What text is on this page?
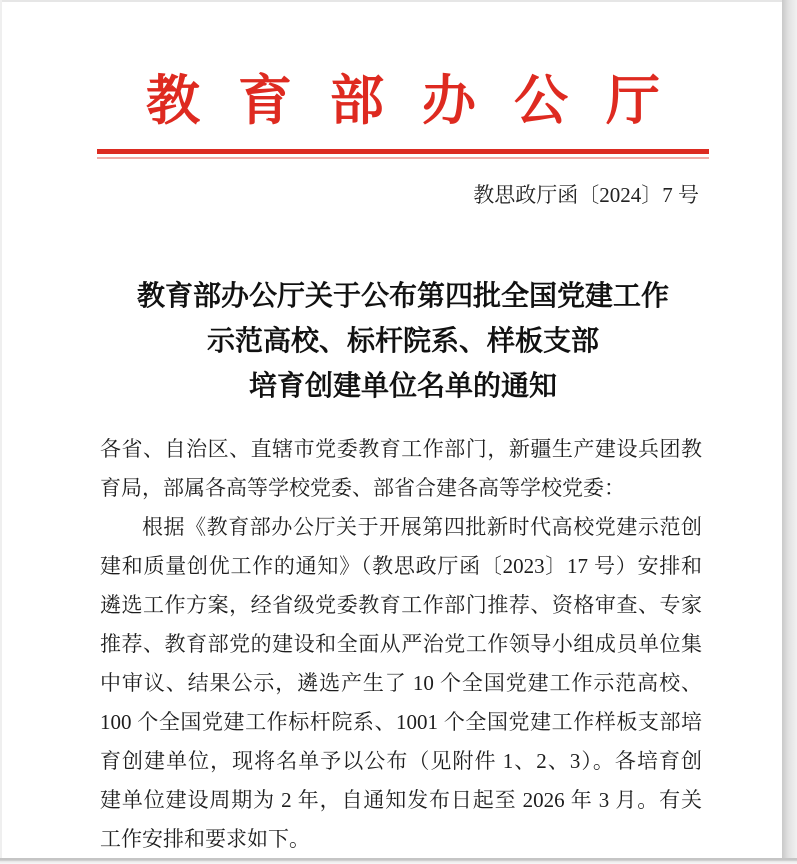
教育部办公厅
教思政厅函〔2024〕7 号
教育部办公厅关于公布第四批全国党建工作
示范高校、标杆院系、样板支部
培育创建单位名单的通知
各省、自治区、直辖市党委教育工作部门，新疆生产建设兵团教
育局，部属各高等学校党委、部省合建各高等学校党委：
根据《教育部办公厅关于开展第四批新时代高校党建示范创
建和质量创优工作的通知》（教思政厅函〔2023〕17 号）安排和
遴选工作方案，经省级党委教育工作部门推荐、资格审查、专家
推荐、教育部党的建设和全面从严治党工作领导小组成员单位集
中审议、结果公示，遴选产生了 10 个全国党建工作示范高校、
100 个全国党建工作标杆院系、1001 个全国党建工作样板支部培
育创建单位，现将名单予以公布（见附件 1、2、3）。各培育创
建单位建设周期为 2 年，自通知发布日起至 2026 年 3 月。有关
工作安排和要求如下。
